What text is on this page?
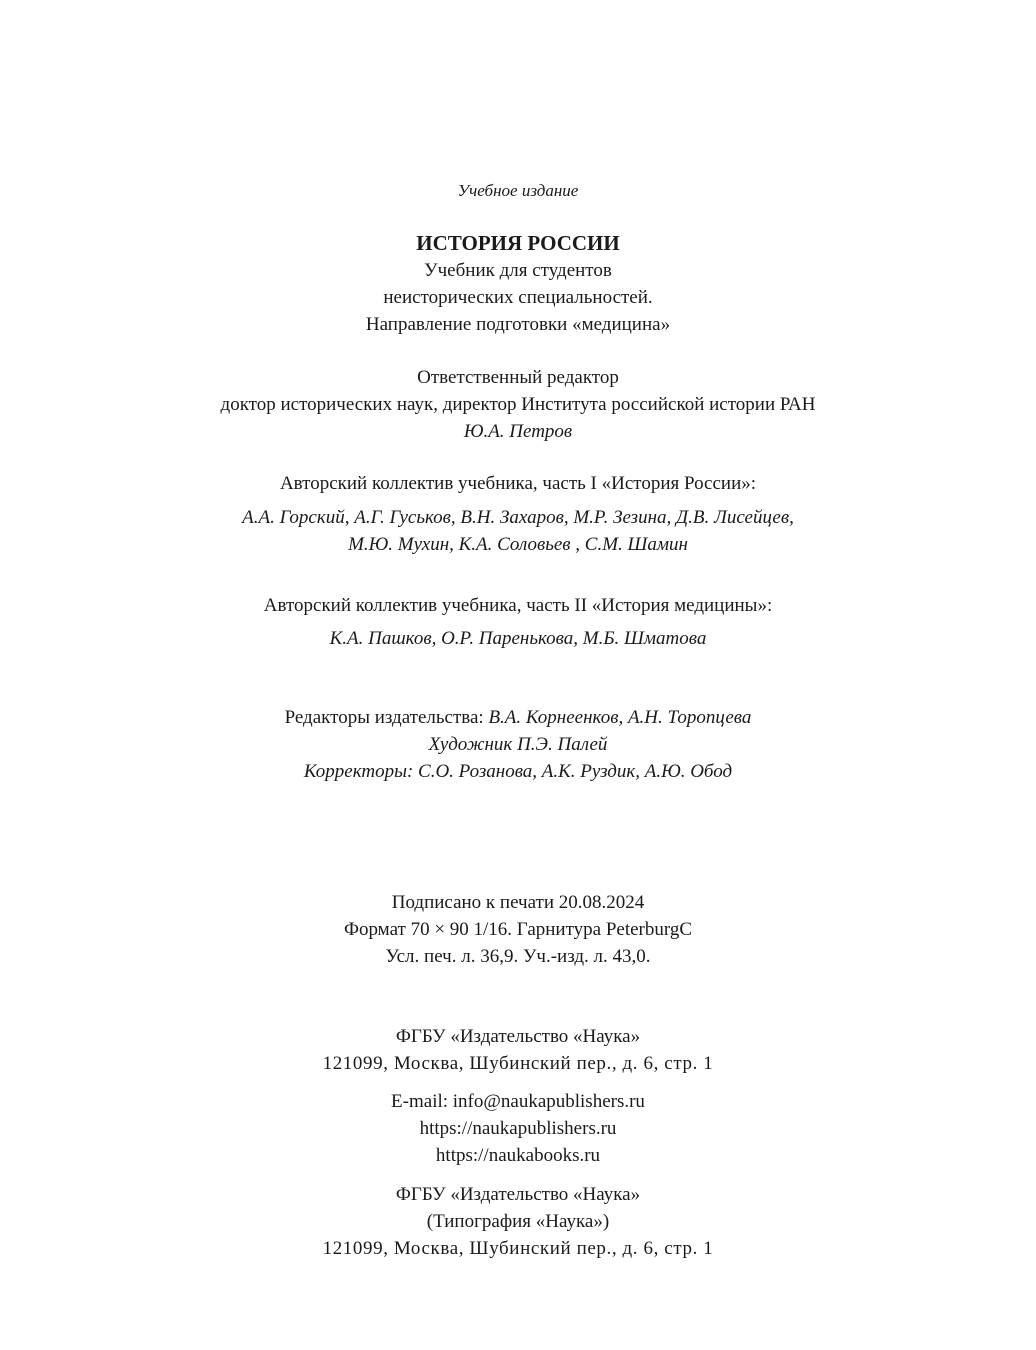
Учебное издание
ИСТОРИЯ РОССИИ
Учебник для студентов
неисторических специальностей.
Направление подготовки «медицина»
Ответственный редактор
доктор исторических наук, директор Института российской истории РАН
Ю.А. Петров
Авторский коллектив учебника, часть I «История России»:
А.А. Горский, А.Г. Гуськов, В.Н. Захаров, М.Р. Зезина, Д.В. Лисейцев,
М.Ю. Мухин, К.А. Соловьев , С.М. Шамин
Авторский коллектив учебника, часть II «История медицины»:
К.А. Пашков, О.Р. Паренькова, М.Б. Шматова
Редакторы издательства: В.А. Корнеенков, А.Н. Торопцева
Художник П.Э. Палей
Корректоры: С.О. Розанова, А.К. Руздик, А.Ю. Обод
Подписано к печати 20.08.2024
Формат 70 × 90 1/16. Гарнитура PeterburgC
Усл. печ. л. 36,9. Уч.-изд. л. 43,0.
ФГБУ «Издательство «Наука»
121099, Москва, Шубинский пер., д. 6, стр. 1
E-mail: info@naukapublishers.ru
https://naukapublishers.ru
https://naukabooks.ru
ФГБУ «Издательство «Наука»
(Типография «Наука»)
121099, Москва, Шубинский пер., д. 6, стр. 1
